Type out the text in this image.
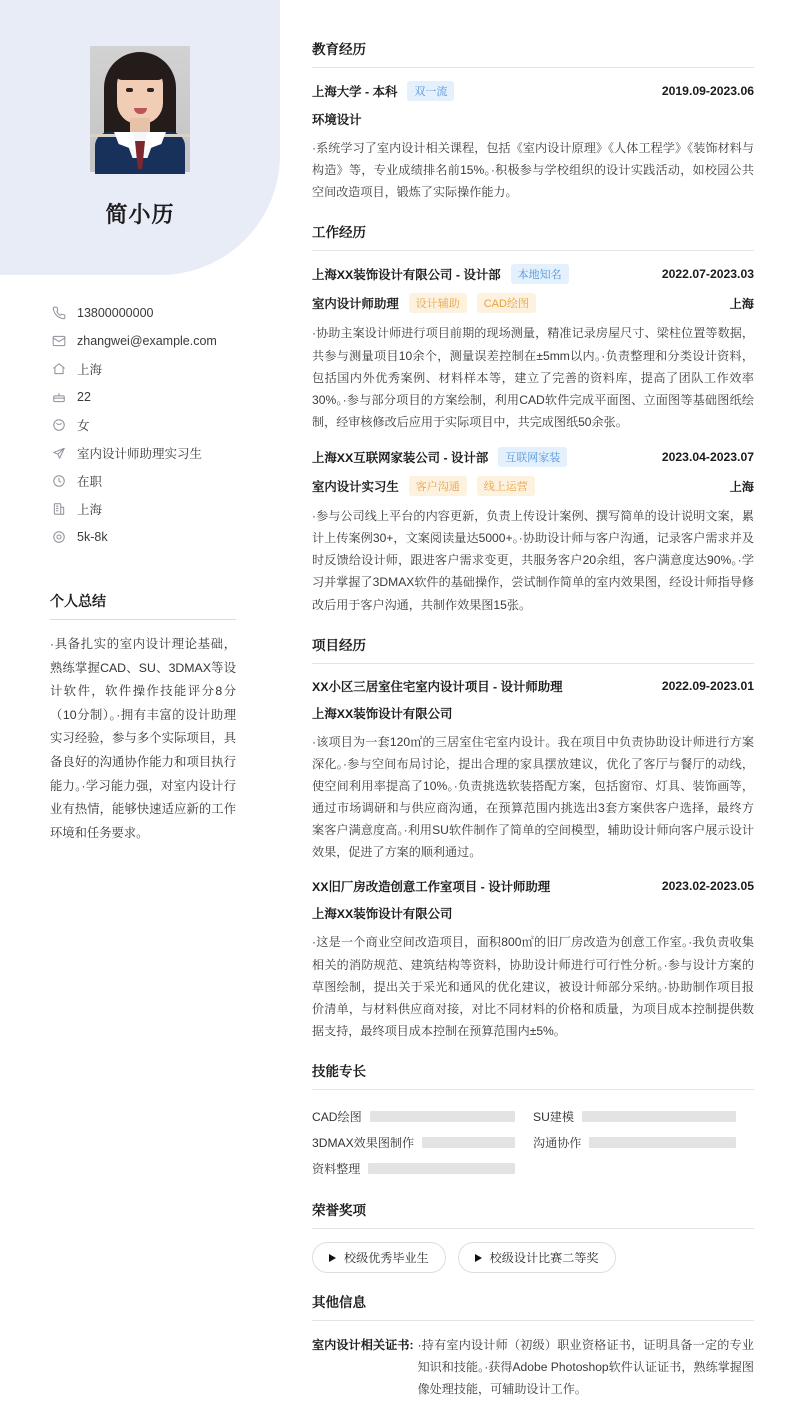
简小历
13800000000
zhangwei@example.com
上海
22
女
室内设计师助理实习生
在职
上海
5k-8k
个人总结
·具备扎实的室内设计理论基础，熟练掌握CAD、SU、3DMAX等设计软件，软件操作技能评分8分（10分制）。·拥有丰富的设计助理实习经验，参与多个实际项目，具备良好的沟通协作能力和项目执行能力。·学习能力强，对室内设计行业有热情，能够快速适应新的工作环境和任务要求。
教育经历
上海大学 - 本科	双一流	2019.09-2023.06
环境设计
·系统学习了室内设计相关课程，包括《室内设计原理》《人体工程学》《装饰材料与构造》等，专业成绩排名前15%。·积极参与学校组织的设计实践活动，如校园公共空间改造项目，锻炼了实际操作能力。
工作经历
上海XX装饰设计有限公司 - 设计部	本地知名	2022.07-2023.03
室内设计师助理	设计辅助	CAD绘图	上海
·协助主案设计师进行项目前期的现场测量，精准记录房屋尺寸、梁柱位置等数据，共参与测量项目10余个，测量误差控制在±5mm以内。·负责整理和分类设计资料，包括国内外优秀案例、材料样本等，建立了完善的资料库，提高了团队工作效率30%。·参与部分项目的方案绘制，利用CAD软件完成平面图、立面图等基础图纸绘制，经审核修改后应用于实际项目中，共完成图纸50余张。
上海XX互联网家装公司 - 设计部	互联网家装	2023.04-2023.07
室内设计实习生	客户沟通	线上运营	上海
·参与公司线上平台的内容更新，负责上传设计案例、撰写简单的设计说明文案，累计上传案例30+，文案阅读量达5000+。·协助设计师与客户沟通，记录客户需求并及时反馈给设计师，跟进客户需求变更，共服务客户20余组，客户满意度达90%。·学习并掌握了3DMAX软件的基础操作，尝试制作简单的室内效果图，经设计师指导修改后用于客户沟通，共制作效果图15张。
项目经历
XX小区三居室住宅室内设计项目 - 设计师助理	2022.09-2023.01
上海XX装饰设计有限公司
·该项目为一套120㎡的三居室住宅室内设计。我在项目中负责协助设计师进行方案深化。·参与空间布局讨论，提出合理的家具摆放建议，优化了客厅与餐厅的动线，使空间利用率提高了10%。·负责挑选软装搭配方案，包括窗帘、灯具、装饰画等，通过市场调研和与供应商沟通，在预算范围内挑选出3套方案供客户选择，最终方案客户满意度高。·利用SU软件制作了简单的空间模型，辅助设计师向客户展示设计效果，促进了方案的顺利通过。
XX旧厂房改造创意工作室项目 - 设计师助理	2023.02-2023.05
上海XX装饰设计有限公司
·这是一个商业空间改造项目，面积800㎡的旧厂房改造为创意工作室。·我负责收集相关的消防规范、建筑结构等资料，协助设计师进行可行性分析。·参与设计方案的草图绘制，提出关于采光和通风的优化建议，被设计师部分采纳。·协助制作项目报价清单，与材料供应商对接，对比不同材料的价格和质量，为项目成本控制提供数据支持，最终项目成本控制在预算范围内±5%。
技能专长
CAD绘图	SU建模
3DMAX效果图制作	沟通协作
资料整理
荣誉奖项
校级优秀毕业生	校级设计比赛二等奖
其他信息
室内设计相关证书: ·持有室内设计师（初级）职业资格证书，证明具备一定的专业知识和技能。·获得Adobe Photoshop软件认证证书，熟练掌握图像处理技能，可辅助设计工作。
